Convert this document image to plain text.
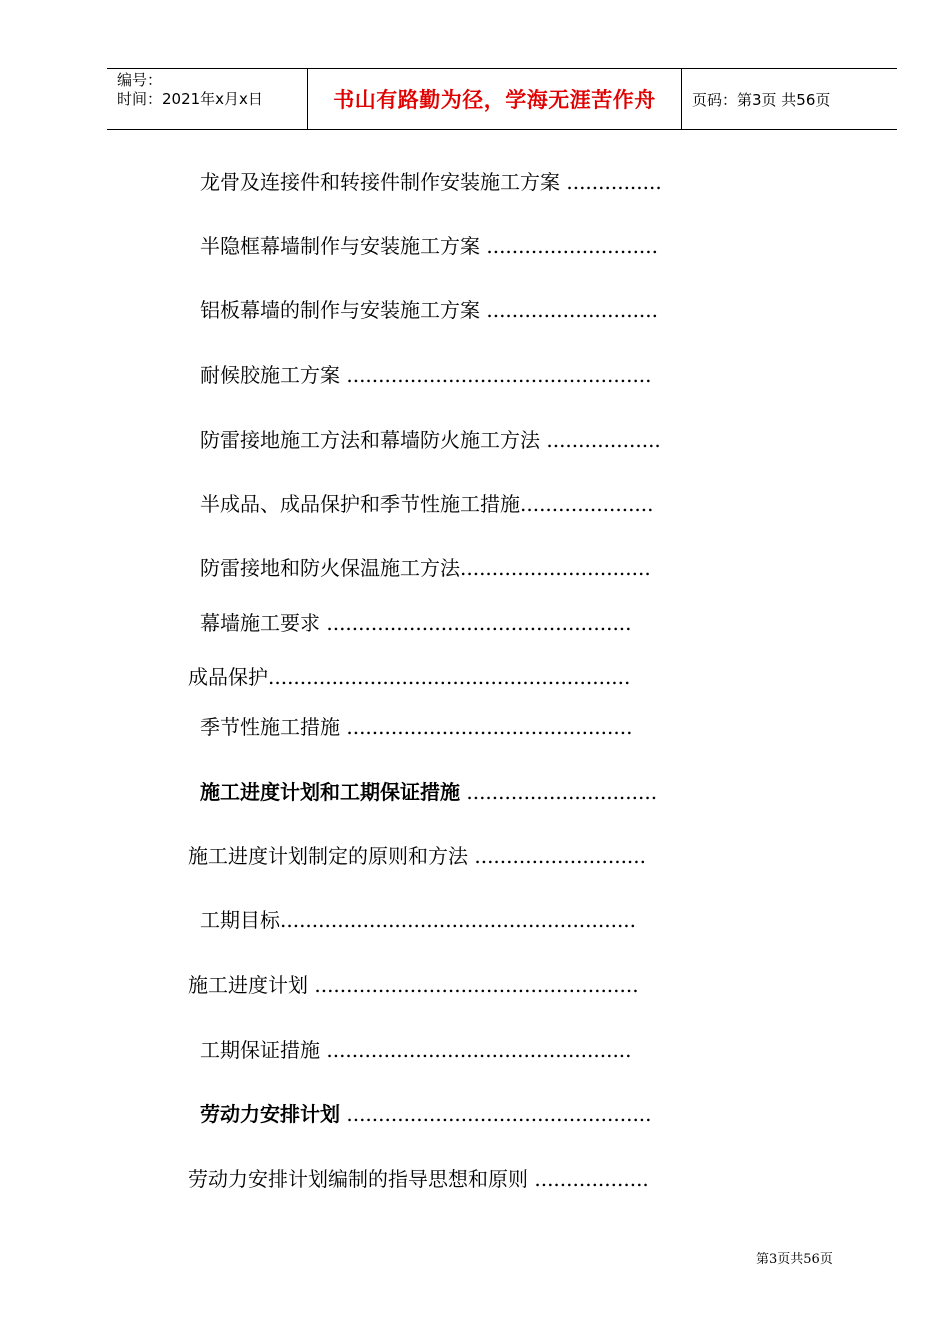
编号：
时间：2021年x月x日	书山有路勤为径，学海无涯苦作舟 页码：第3页 共56页
龙骨及连接件和转接件制作安装施工方案 ...............
半隐框幕墙制作与安装施工方案 ...........................
铝板幕墙的制作与安装施工方案 ...........................
耐候胶施工方案 ................................................
防雷接地施工方法和幕墙防火施工方法 ..................
半成品、成品保护和季节性施工措施.....................
防雷接地和防火保温施工方法..............................
幕墙施工要求 ................................................
成品保护.........................................................
季节性施工措施 .............................................
施工进度计划和工期保证措施 ..............................
施工进度计划制定的原则和方法 ...........................
工期目标........................................................
施工进度计划 ...................................................
工期保证措施 ................................................
劳动力安排计划 ................................................
劳动力安排计划编制的指导思想和原则 ..................
第3页共56页
